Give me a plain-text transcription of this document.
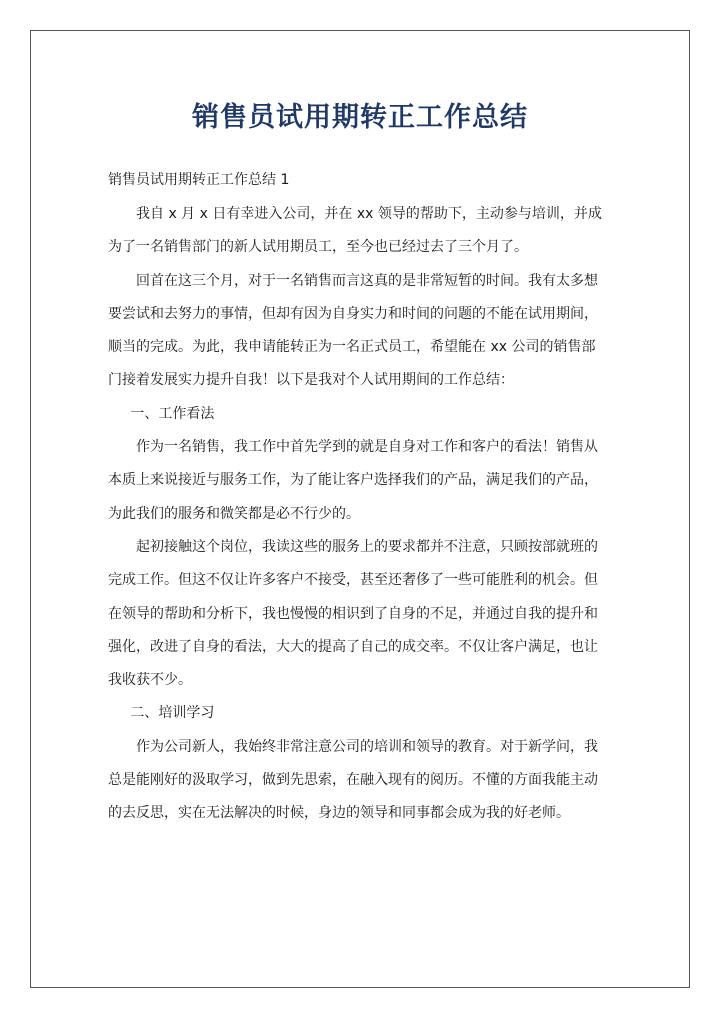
销售员试用期转正工作总结

销售员试用期转正工作总结 1

我自 x 月 x 日有幸进入公司，并在 xx 领导的帮助下，主动参与培训，并成
为了一名销售部门的新人试用期员工，至今也已经过去了三个月了。

回首在这三个月，对于一名销售而言这真的是非常短暂的时间。我有太多想
要尝试和去努力的事情，但却有因为自身实力和时间的问题的不能在试用期间，
顺当的完成。为此，我申请能转正为一名正式员工，希望能在 xx 公司的销售部
门接着发展实力提升自我！以下是我对个人试用期间的工作总结：

一、工作看法

作为一名销售，我工作中首先学到的就是自身对工作和客户的看法！销售从
本质上来说接近与服务工作，为了能让客户选择我们的产品，满足我们的产品，
为此我们的服务和微笑都是必不行少的。

起初接触这个岗位，我读这些的服务上的要求都并不注意，只顾按部就班的
完成工作。但这不仅让许多客户不接受，甚至还奢侈了一些可能胜利的机会。但
在领导的帮助和分析下，我也慢慢的相识到了自身的不足，并通过自我的提升和
强化，改进了自身的看法，大大的提高了自己的成交率。不仅让客户满足，也让
我收获不少。

二、培训学习

作为公司新人，我始终非常注意公司的培训和领导的教育。对于新学问，我
总是能刚好的汲取学习，做到先思索，在融入现有的阅历。不懂的方面我能主动
的去反思，实在无法解决的时候，身边的领导和同事都会成为我的好老师。
